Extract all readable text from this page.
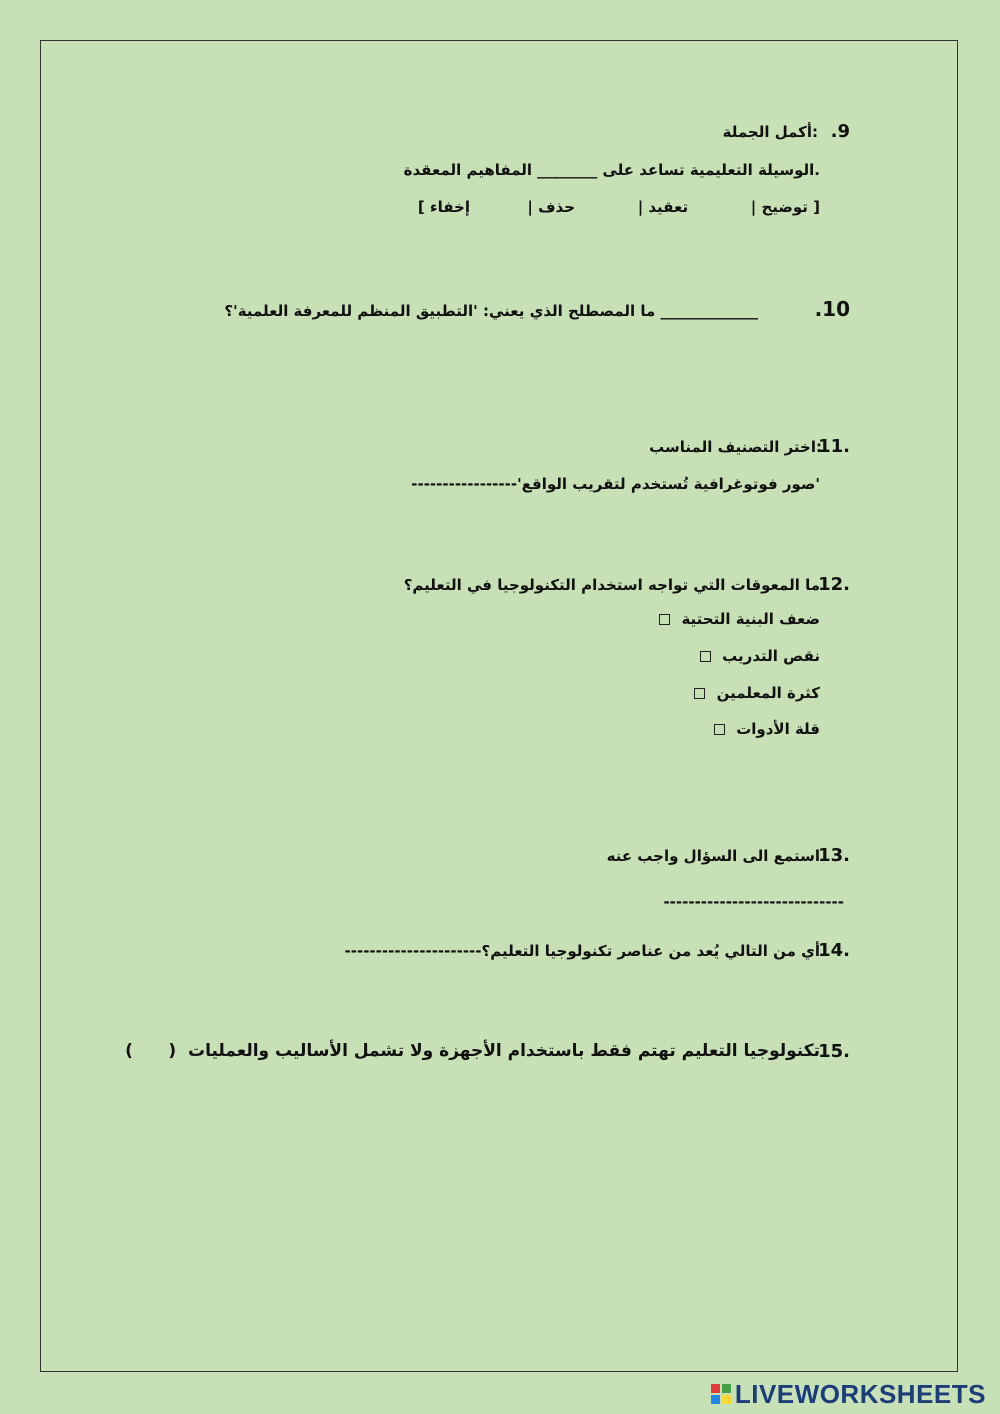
.9
:أكمل الجملة
.الوسيلة التعليمية تساعد على ________ المفاهيم المعقدة
[ توضيح |            تعقيد |            حذف |           إخفاء ]
.10
_____________ ما المصطلح الذي يعني: 'التطبيق المنظم للمعرفة العلمية'؟
11.
:اختر التصنيف المناسب
'صور فوتوغرافية تُستخدم لتقريب الواقع'-----------------
12.
ما المعوقات التي تواجه استخدام التكنولوجيا في التعليم؟
ضعف البنية التحتية
نقص التدريب
كثرة المعلمين
قلة الأدوات
13.
استمع الى السؤال واجب عنه
-----------------------------
14.
أي من التالي يُعد من عناصر تكنولوجيا التعليم؟----------------------
15.
تكنولوجيا التعليم تهتم فقط باستخدام الأجهزة ولا تشمل الأساليب والعمليات  (      )
LIVEWORKSHEETS
